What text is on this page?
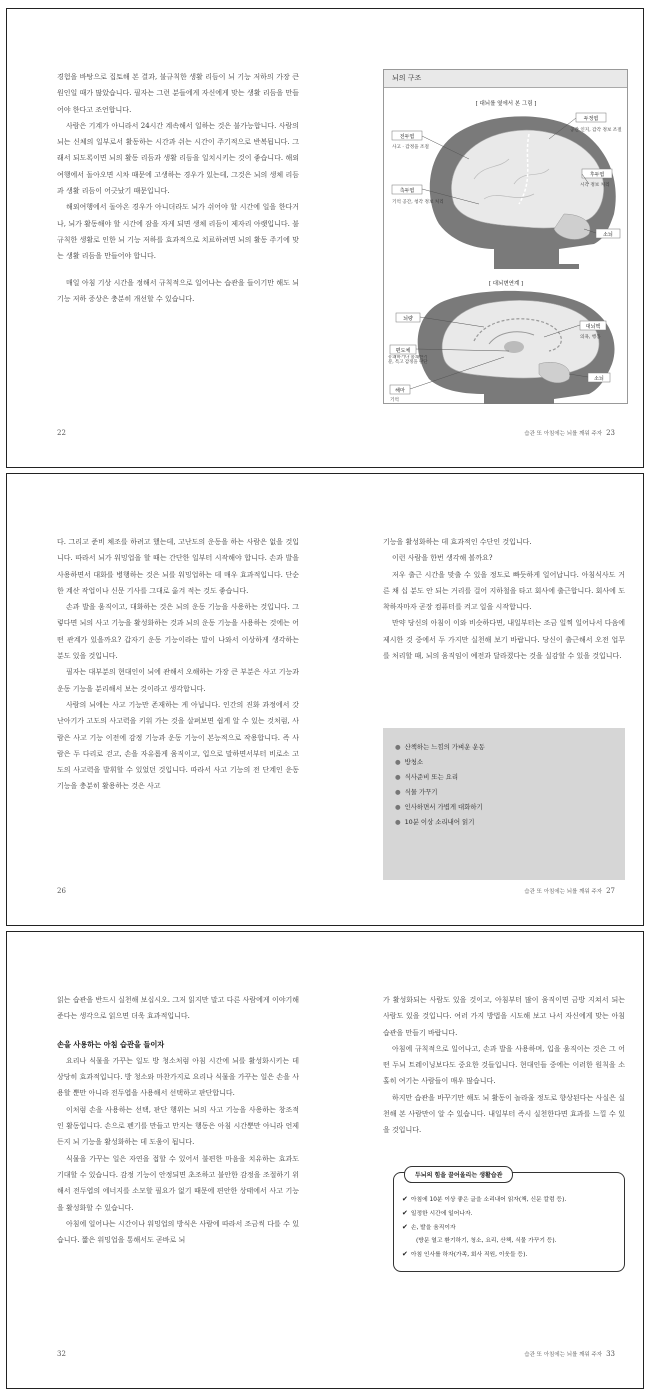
경험을 바탕으로 집토해 본 결과, 불규칙한 생활 리듬이 뇌 기능 저하의 가장 큰 원인일 때가 많았습니다. 필자는 그런 분들에게 자신에게 맞는 생활 리듬을 만들어야 한다고 조언합니다.

사람은 기계가 아니라서 24시간 계속해서 일하는 것은 불가능합니다. 사람의 뇌는 신체의 일부로서 활동하는 시간과 쉬는 시간이 주기적으로 반복됩니다. 그래서 되도록이면 뇌의 활동 리듬과 생활 리듬을 일치시키는 것이 좋습니다. 해외여행에서 돌아오면 시차 때문에 고생하는 경우가 있는데, 그것은 뇌의 생체 리듬과 생활 리듬이 어긋났기 때문입니다.

해외여행에서 돌아온 경우가 아니더라도 뇌가 쉬어야 할 시간에 일을 한다거나, 뇌가 활동해야 할 시간에 잠을 자게 되면 생체 리듬이 제자리 아랫입니다. 불규칙한 생활로 인한 뇌 기능 저하를 효과적으로 치료하려면 뇌의 활동 주기에 맞는 생활 리듬을 만들어야 합니다.

매일 아침 기상 시간을 정해서 규칙적으로 일어나는 습관을 들이기만 해도 뇌 기능 저하 증상은 충분히 개선할 수 있습니다.

22
뇌의 구조
[ 대뇌를 옆에서 본 그림 ]
전두엽
사고 · 감정을 조절
두정엽
공간 인지, 감각 정보 조절
측두엽
기억 공간, 청각 정보 처리
후두엽
시각 정보 처리
소뇌
[ 대뇌변연계 ]
뇌량
대뇌핵
의욕, 행동
편도체
유쾌하거나 불쾌한기분, 특고 감정을 판단
해마
기억
소뇌
습관 또 아침에는 뇌를 깨워 주자 23

다. 그리고 준비 체조를 하려고 했는데, 고난도의 운동을 하는 사람은 없을 것입니다. 따라서 뇌가 워밍업을 할 때는 간단한 일부터 시작해야 합니다. 손과 발을 사용하면서 대화를 병행하는 것은 뇌를 워밍업하는 데 매우 효과적입니다. 단순한 계산 작업이나 신문 기사를 그대로 옮겨 적는 것도 좋습니다.

손과 발을 움직이고, 대화하는 것은 뇌의 운동 기능을 사용하는 것입니다. 그렇다면 뇌의 사고 기능을 활성화하는 것과 뇌의 운동 기능을 사용하는 것에는 어떤 관계가 있을까요? 갑자기 운동 기능이라는 말이 나와서 이상하게 생각하는 분도 있을 것입니다.

필자는 대부분의 현대인이 뇌에 관해서 오해하는 가장 큰 부분은 사고 기능과 운동 기능을 분리해서 보는 것이라고 생각합니다.

사람의 뇌에는 사고 기능만 존재하는 게 아닙니다. 인간의 진화 과정에서 갓난아기가 고도의 사고력을 키워 가는 것을 살펴보면 쉽게 알 수 있는 것처럼, 사람은 사고 기능 이전에 감정 기능과 운동 기능이 본능적으로 작용합니다. 즉 사람은 두 다리로 걷고, 손을 자유롭게 움직이고, 입으로 말하면서부터 비로소 고도의 사고력을 발휘할 수 있었던 것입니다. 따라서 사고 기능의 전 단계인 운동 기능을 충분히 활용하는 것은 사고

26

기능을 활성화하는 데 효과적인 수단인 것입니다.

이런 사람을 한번 생각해 볼까요?

저우 출근 시간을 맞출 수 있을 정도로 빠듯하게 일어납니다. 아침식사도 거른 채 십 분도 안 되는 거리를 걸어 지하철을 타고 회사에 출근합니다. 회사에 도착하자마자 곧장 컴퓨터를 켜고 일을 시작합니다.

만약 당신의 아침이 이와 비슷하다면, 내일부터는 조금 일찍 일어나서 다음에 제시한 것 중에서 두 가지만 실천해 보기 바랍니다. 당신이 출근해서 오전 업무를 처리할 때, 뇌의 움직임이 예전과 달라졌다는 것을 실감할 수 있을 것입니다.

● 산책하는 느낌의 가벼운 운동
● 방청소
● 식사준비 또는 요리
● 식물 가꾸기
● 인사하면서 가볍게 대화하기
● 10분 이상 소리내어 읽기
습관 또 아침에는 뇌를 깨워 주자 27

읽는 습관을 반드시 실천해 보십시오. 그저 읽지만 말고 다른 사람에게 이야기해 준다는 생각으로 읽으면 더욱 효과적입니다.

손을 사용하는 아침 습관을 들이자

요리나 식물을 가꾸는 일도 방 청소처럼 아침 시간에 뇌를 활성화시키는 데 상당히 효과적입니다. 방 청소와 마찬가지로 요리나 식물을 가꾸는 일은 손을 사용할 뿐만 아니라 전두엽을 사용해서 선택하고 판단합니다.

이처럼 손을 사용하는 선택, 판단 행위는 뇌의 사고 기능을 사용하는 창조적인 활동입니다. 손으로 펜기를 만들고 만지는 행동은 아침 시간뿐만 아니라 언제든지 뇌 기능을 활성화하는 데 도움이 됩니다.

식물을 가꾸는 일은 자연을 접할 수 있어서 불편한 마음을 치유하는 효과도 기대할 수 있습니다. 감정 기능이 안정되면 초조하고 불안한 감정을 조절하기 위해서 전두엽의 에너지를 소모할 필요가 없기 때문에 편안한 상태에서 사고 기능을 활성화할 수 있습니다.

아침에 일어나는 시간이나 워밍업의 방식은 사람에 따라서 조금씩 다를 수 있습니다. 짧은 워밍업을 통해서도 곧바로 뇌

32

가 활성화되는 사람도 있을 것이고, 아침부터 많이 움직이면 금방 지쳐서 되는 사람도 있을 것입니다. 여러 가지 방법을 시도해 보고 나서 자신에게 맞는 아침 습관을 만들기 바랍니다.

아침에 규칙적으로 일어나고, 손과 발을 사용하며, 입을 움직이는 것은 그 어떤 두뇌 트레이닝보다도 중요한 것들입니다. 현대인들 중에는 이러한 원칙을 소홀히 여기는 사람들이 매우 많습니다.

하지만 습관을 바꾸기만 해도 뇌 활동이 놀라울 정도로 향상된다는 사실은 실천해 본 사람만이 알 수 있습니다. 내일부터 즉시 실천한다면 효과를 느낄 수 있을 것입니다.

두뇌의 힘을 끌어올리는 생활습관
✔ 아침에 10분 이상 좋은 글을 소리내어 읽자(책, 신문 칼럼 등).
✔ 일정한 시간에 일어나자.
✔ 손, 발을 움직이자
(방문 열고 환기하기, 청소, 요리, 산책, 식물 가꾸기 등).
✔ 아침 인사를 하자(가족, 회사 직원, 이웃들 등).
습관 또 아침에는 뇌를 깨워 주자 33
